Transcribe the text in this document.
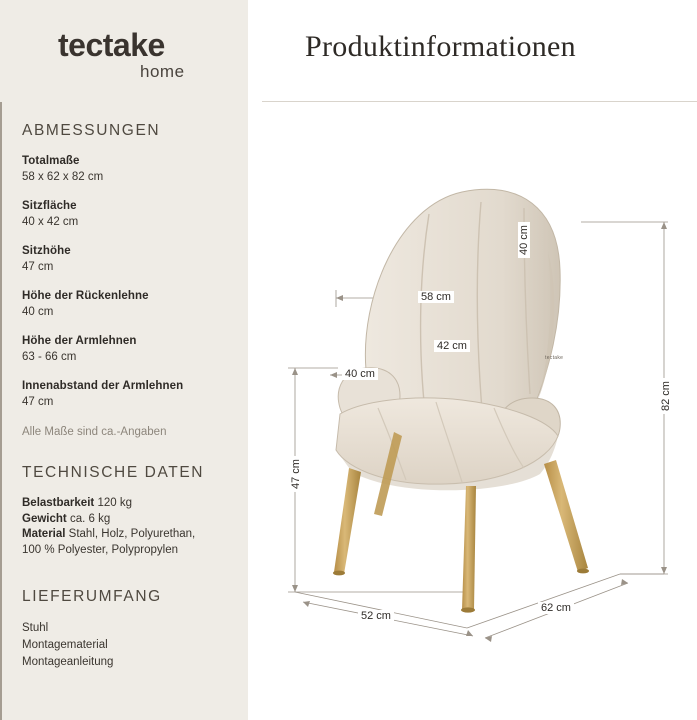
tectake
home
Produktinformationen
ABMESSUNGEN
Totalmaße
58 x 62 x 82 cm
Sitzfläche
40 x 42 cm
Sitzhöhe
47 cm
Höhe der Rückenlehne
40 cm
Höhe der Armlehnen
63 - 66 cm
Innenabstand der Armlehnen
47 cm
Alle Maße sind ca.-Angaben
TECHNISCHE DATEN
Belastbarkeit 120 kg
Gewicht ca. 6 kg
Material Stahl, Holz, Polyurethan,
100 % Polyester, Polypropylen
LIEFERUMFANG
Stuhl
Montagematerial
Montageanleitung
58 cm
40 cm
42 cm
40 cm
82 cm
47 cm
52 cm
62 cm
tectake
